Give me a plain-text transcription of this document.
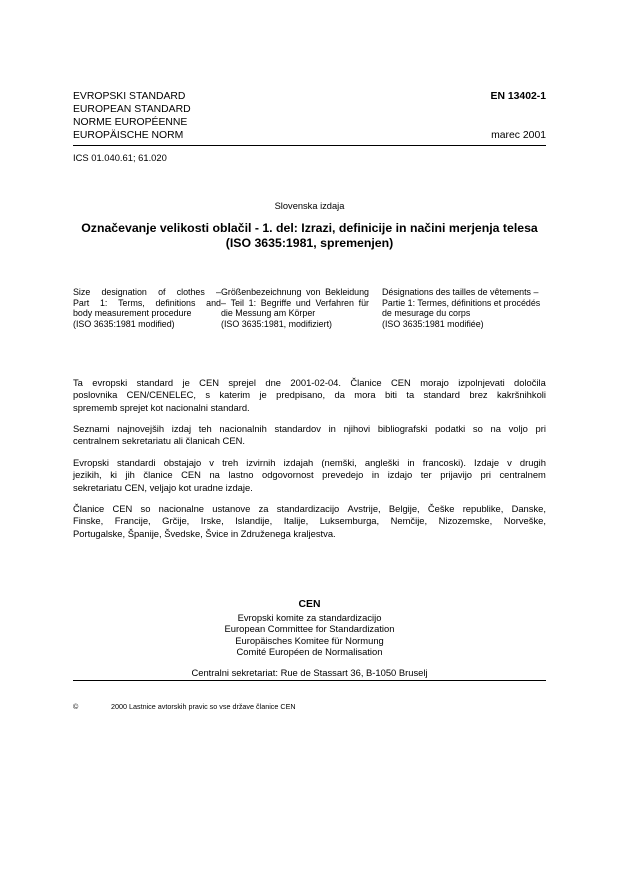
EVROPSKI STANDARD
EUROPEAN STANDARD
NORME EUROPÉENNE
EUROPÄISCHE NORM
EN 13402-1
marec 2001
ICS 01.040.61; 61.020
Slovenska izdaja
Označevanje velikosti oblačil - 1. del: Izrazi, definicije in načini merjenja telesa
(ISO 3635:1981, spremenjen)
Size designation of clothes –
Part 1: Terms, definitions and
body measurement procedure
(ISO 3635:1981 modified)
Größenbezeichnung von Bekleidung
– Teil 1: Begriffe und Verfahren für
die Messung am Körper
(ISO 3635:1981, modifiziert)
Désignations des tailles de vêtements –
Partie 1: Termes, définitions et procédés
de mesurage du corps
(ISO 3635:1981 modifiée)
Ta evropski standard je CEN sprejel dne 2001-02-04. Članice CEN morajo izpolnjevati določila
poslovnika CEN/CENELEC, s katerim je predpisano, da mora biti ta standard brez kakršnihkoli
sprememb sprejet kot nacionalni standard.
Seznami najnovejših izdaj teh nacionalnih standardov in njihovi bibliografski podatki so na voljo pri
centralnem sekretariatu ali članicah CEN.
Evropski standardi obstajajo v treh izvirnih izdajah (nemški, angleški in francoski). Izdaje v drugih
jezikih, ki jih članice CEN na lastno odgovornost prevedejo in izdajo ter prijavijo pri centralnem
sekretariatu CEN, veljajo kot uradne izdaje.
Članice CEN so nacionalne ustanove za standardizacijo Avstrije, Belgije, Češke republike, Danske,
Finske, Francije, Grčije, Irske, Islandije, Italije, Luksemburga, Nemčije, Nizozemske, Norveške,
Portugalske, Španije, Švedske, Švice in Združenega kraljestva.
CEN
Evropski komite za standardizacijo
European Committee for Standardization
Europäisches Komitee für Normung
Comité Européen de Normalisation
Centralni sekretariat: Rue de Stassart 36, B-1050 Bruselj
©	2000 Lastnice avtorskih pravic so vse države članice CEN
